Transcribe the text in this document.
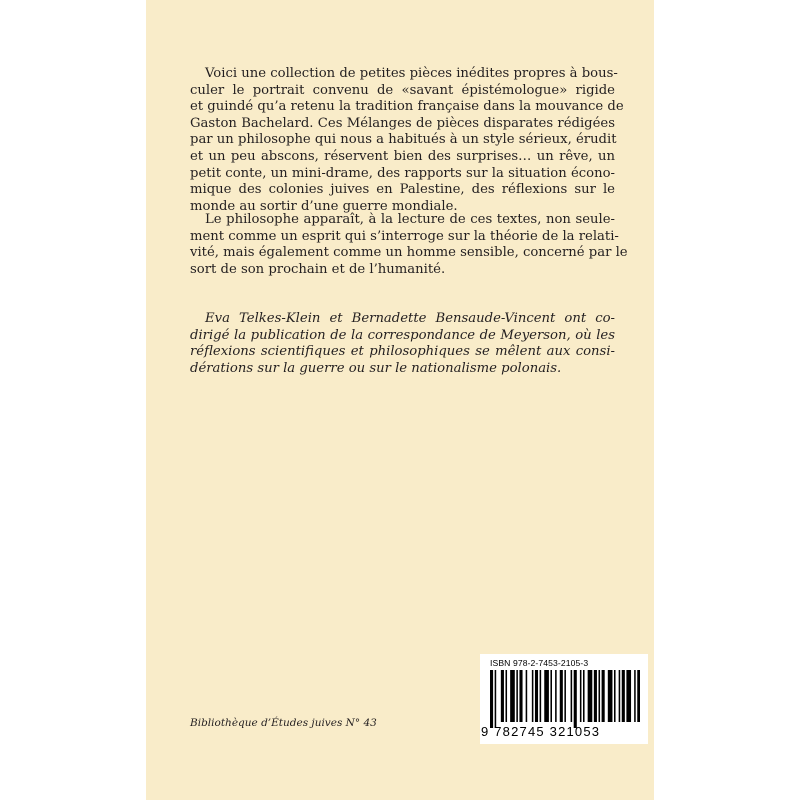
Voici une collection de petites pièces inédites propres à bous-
culer le portrait convenu de «savant épistémologue» rigide
et guindé qu’a retenu la tradition française dans la mouvance de
Gaston Bachelard. Ces Mélanges de pièces disparates rédigées
par un philosophe qui nous a habitués à un style sérieux, érudit
et un peu abscons, réservent bien des surprises… un rêve, un
petit conte, un mini-drame, des rapports sur la situation écono-
mique des colonies juives en Palestine, des réflexions sur le
monde au sortir d’une guerre mondiale.
Le philosophe apparaît, à la lecture de ces textes, non seule-
ment comme un esprit qui s’interroge sur la théorie de la relati-
vité, mais également comme un homme sensible, concerné par le
sort de son prochain et de l’humanité.
Eva Telkes-Klein et Bernadette Bensaude-Vincent ont co-
dirigé la publication de la correspondance de Meyerson, où les
réflexions scientifiques et philosophiques se mêlent aux consi-
dérations sur la guerre ou sur le nationalisme polonais.
Bibliothèque d’Études juives N° 43
ISBN 978-2-7453-2105-3
9 782745 321053
